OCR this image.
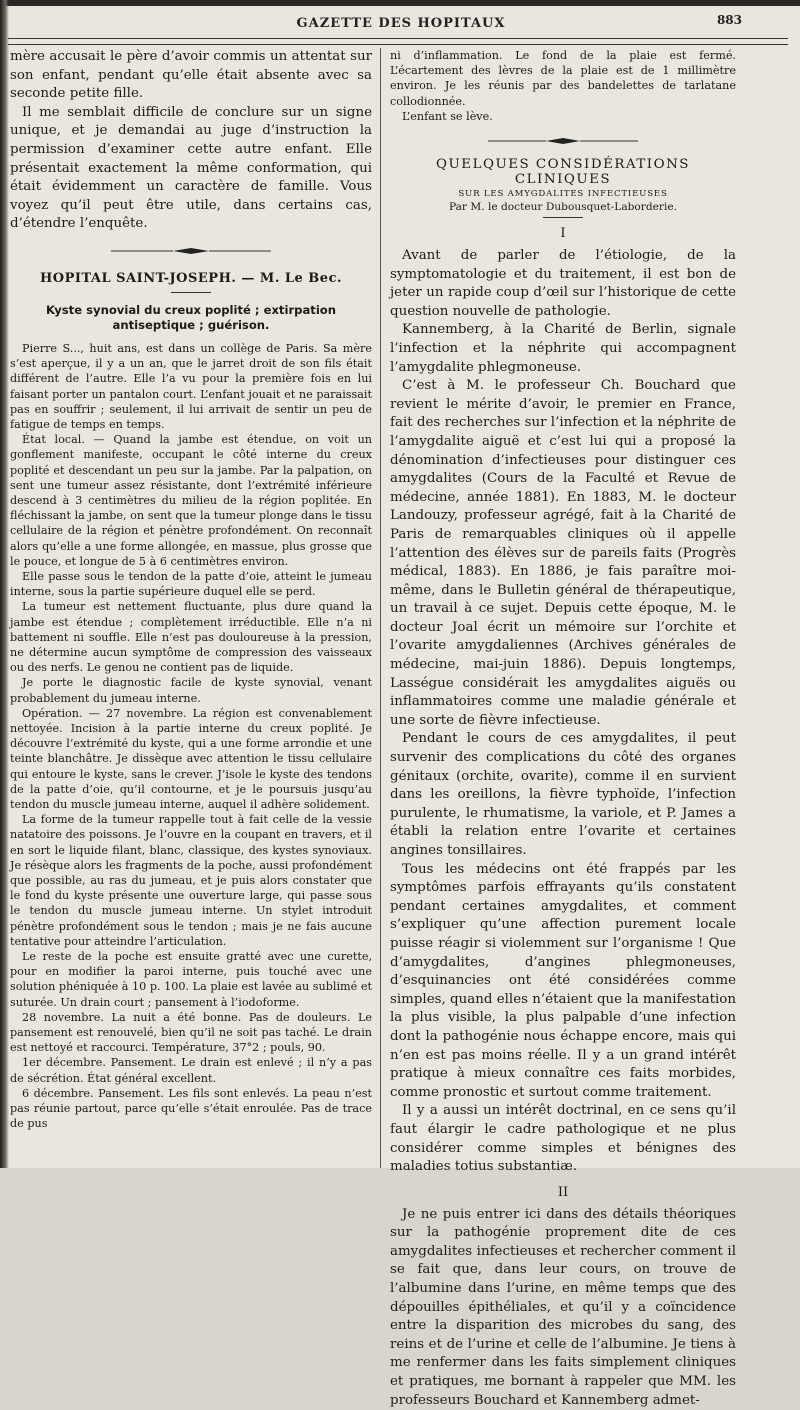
GAZETTE DES HOPITAUX	883

mère accusait le père d’avoir commis un attentat sur son enfant, pendant qu’elle était absente avec sa seconde petite fille.

Il me semblait difficile de conclure sur un signe unique, et je demandai au juge d’instruction la permission d’examiner cette autre enfant. Elle présentait exactement la même conformation, qui était évidemment un caractère de famille. Vous voyez qu’il peut être utile, dans certains cas, d’étendre l’enquête.

HOPITAL SAINT-JOSEPH. — M. Le Bec.
Kyste synovial du creux poplité ; extirpation antiseptique ; guérison.

Pierre S..., huit ans, est dans un collège de Paris. Sa mère s’est aperçue, il y a un an, que le jarret droit de son fils était différent de l’autre. Elle l’a vu pour la première fois en lui faisant porter un pantalon court. L’enfant jouait et ne paraissait pas en souffrir ; seulement, il lui arrivait de sentir un peu de fatigue de temps en temps.

État local. — Quand la jambe est étendue, on voit un gonflement manifeste, occupant le côté interne du creux poplité et descendant un peu sur la jambe. Par la palpation, on sent une tumeur assez résistante, dont l’extrémité inférieure descend à 3 centimètres du milieu de la région poplitée. En fléchissant la jambe, on sent que la tumeur plonge dans le tissu cellulaire de la région et pénètre profondément. On reconnaît alors qu’elle a une forme allongée, en massue, plus grosse que le pouce, et longue de 5 à 6 centimètres environ.

Elle passe sous le tendon de la patte d’oie, atteint le jumeau interne, sous la partie supérieure duquel elle se perd.

La tumeur est nettement fluctuante, plus dure quand la jambe est étendue ; complètement irréductible. Elle n’a ni battement ni souffle. Elle n’est pas douloureuse à la pression, ne détermine aucun symptôme de compression des vaisseaux ou des nerfs. Le genou ne contient pas de liquide.

Je porte le diagnostic facile de kyste synovial, venant probablement du jumeau interne.

Opération. — 27 novembre. La région est convenablement nettoyée. Incision à la partie interne du creux poplité. Je découvre l’extrémité du kyste, qui a une forme arrondie et une teinte blanchâtre. Je dissèque avec attention le tissu cellulaire qui entoure le kyste, sans le crever. J’isole le kyste des tendons de la patte d’oie, qu’il contourne, et je le poursuis jusqu’au tendon du muscle jumeau interne, auquel il adhère solidement.

La forme de la tumeur rappelle tout à fait celle de la vessie natatoire des poissons. Je l’ouvre en la coupant en travers, et il en sort le liquide filant, blanc, classique, des kystes synoviaux. Je résèque alors les fragments de la poche, aussi profondément que possible, au ras du jumeau, et je puis alors constater que le fond du kyste présente une ouverture large, qui passe sous le tendon du muscle jumeau interne. Un stylet introduit pénètre profondément sous le tendon ; mais je ne fais aucune tentative pour atteindre l’articulation.

Le reste de la poche est ensuite gratté avec une curette, pour en modifier la paroi interne, puis touché avec une solution phéniquée à 10 p. 100. La plaie est lavée au sublimé et suturée. Un drain court ; pansement à l’iodoforme.

28 novembre. La nuit a été bonne. Pas de douleurs. Le pansement est renouvelé, bien qu’il ne soit pas taché. Le drain est nettoyé et raccourci. Température, 37°2 ; pouls, 90.

1er décembre. Pansement. Le drain est enlevé ; il n’y a pas de sécrétion. État général excellent.

6 décembre. Pansement. Les fils sont enlevés. La peau n’est pas réunie partout, parce qu’elle s’était enroulée. Pas de trace de pus

ni d’inflammation. Le fond de la plaie est fermé. L’écartement des lèvres de la plaie est de 1 millimètre environ. Je les réunis par des bandelettes de tarlatane collodionnée.

L’enfant se lève.

QUELQUES CONSIDÉRATIONS CLINIQUES
SUR LES AMYGDALITES INFECTIEUSES
Par M. le docteur Dubousquet-Laborderie.
I

Avant de parler de l’étiologie, de la symptomatologie et du traitement, il est bon de jeter un rapide coup d’œil sur l’historique de cette question nouvelle de pathologie.

Kannemberg, à la Charité de Berlin, signale l’infection et la néphrite qui accompagnent l’amygdalite phlegmoneuse.

C’est à M. le professeur Ch. Bouchard que revient le mérite d’avoir, le premier en France, fait des recherches sur l’infection et la néphrite de l’amygdalite aiguë et c’est lui qui a proposé la dénomination d’infectieuses pour distinguer ces amygdalites (Cours de la Faculté et Revue de médecine, année 1881). En 1883, M. le docteur Landouzy, professeur agrégé, fait à la Charité de Paris de remarquables cliniques où il appelle l’attention des élèves sur de pareils faits (Progrès médical, 1883). En 1886, je fais paraître moi-même, dans le Bulletin général de thérapeutique, un travail à ce sujet. Depuis cette époque, M. le docteur Joal écrit un mémoire sur l’orchite et l’ovarite amygdaliennes (Archives générales de médecine, mai-juin 1886). Depuis longtemps, Lasségue considérait les amygdalites aiguës ou inflammatoires comme une maladie générale et une sorte de fièvre infectieuse.

Pendant le cours de ces amygdalites, il peut survenir des complications du côté des organes génitaux (orchite, ovarite), comme il en survient dans les oreillons, la fièvre typhoïde, l’infection purulente, le rhumatisme, la variole, et P. James a établi la relation entre l’ovarite et certaines angines tonsillaires.

Tous les médecins ont été frappés par les symptômes parfois effrayants qu’ils constatent pendant certaines amygdalites, et comment s’expliquer qu’une affection purement locale puisse réagir si violemment sur l’organisme ! Que d’amygdalites, d’angines phlegmoneuses, d’esquinancies ont été considérées comme simples, quand elles n’étaient que la manifestation la plus visible, la plus palpable d’une infection dont la pathogénie nous échappe encore, mais qui n’en est pas moins réelle. Il y a un grand intérêt pratique à mieux connaître ces faits morbides, comme pronostic et surtout comme traitement.

Il y a aussi un intérêt doctrinal, en ce sens qu’il faut élargir le cadre pathologique et ne plus considérer comme simples et bénignes des maladies totius substantiæ.

II

Je ne puis entrer ici dans des détails théoriques sur la pathogénie proprement dite de ces amygdalites infectieuses et rechercher comment il se fait que, dans leur cours, on trouve de l’albumine dans l’urine, en même temps que des dépouilles épithéliales, et qu’il y a coïncidence entre la disparition des microbes du sang, des reins et de l’urine et celle de l’albumine. Je tiens à me renfermer dans les faits simplement cliniques et pratiques, me bornant à rappeler que MM. les professeurs Bouchard et Kannemberg admet-
